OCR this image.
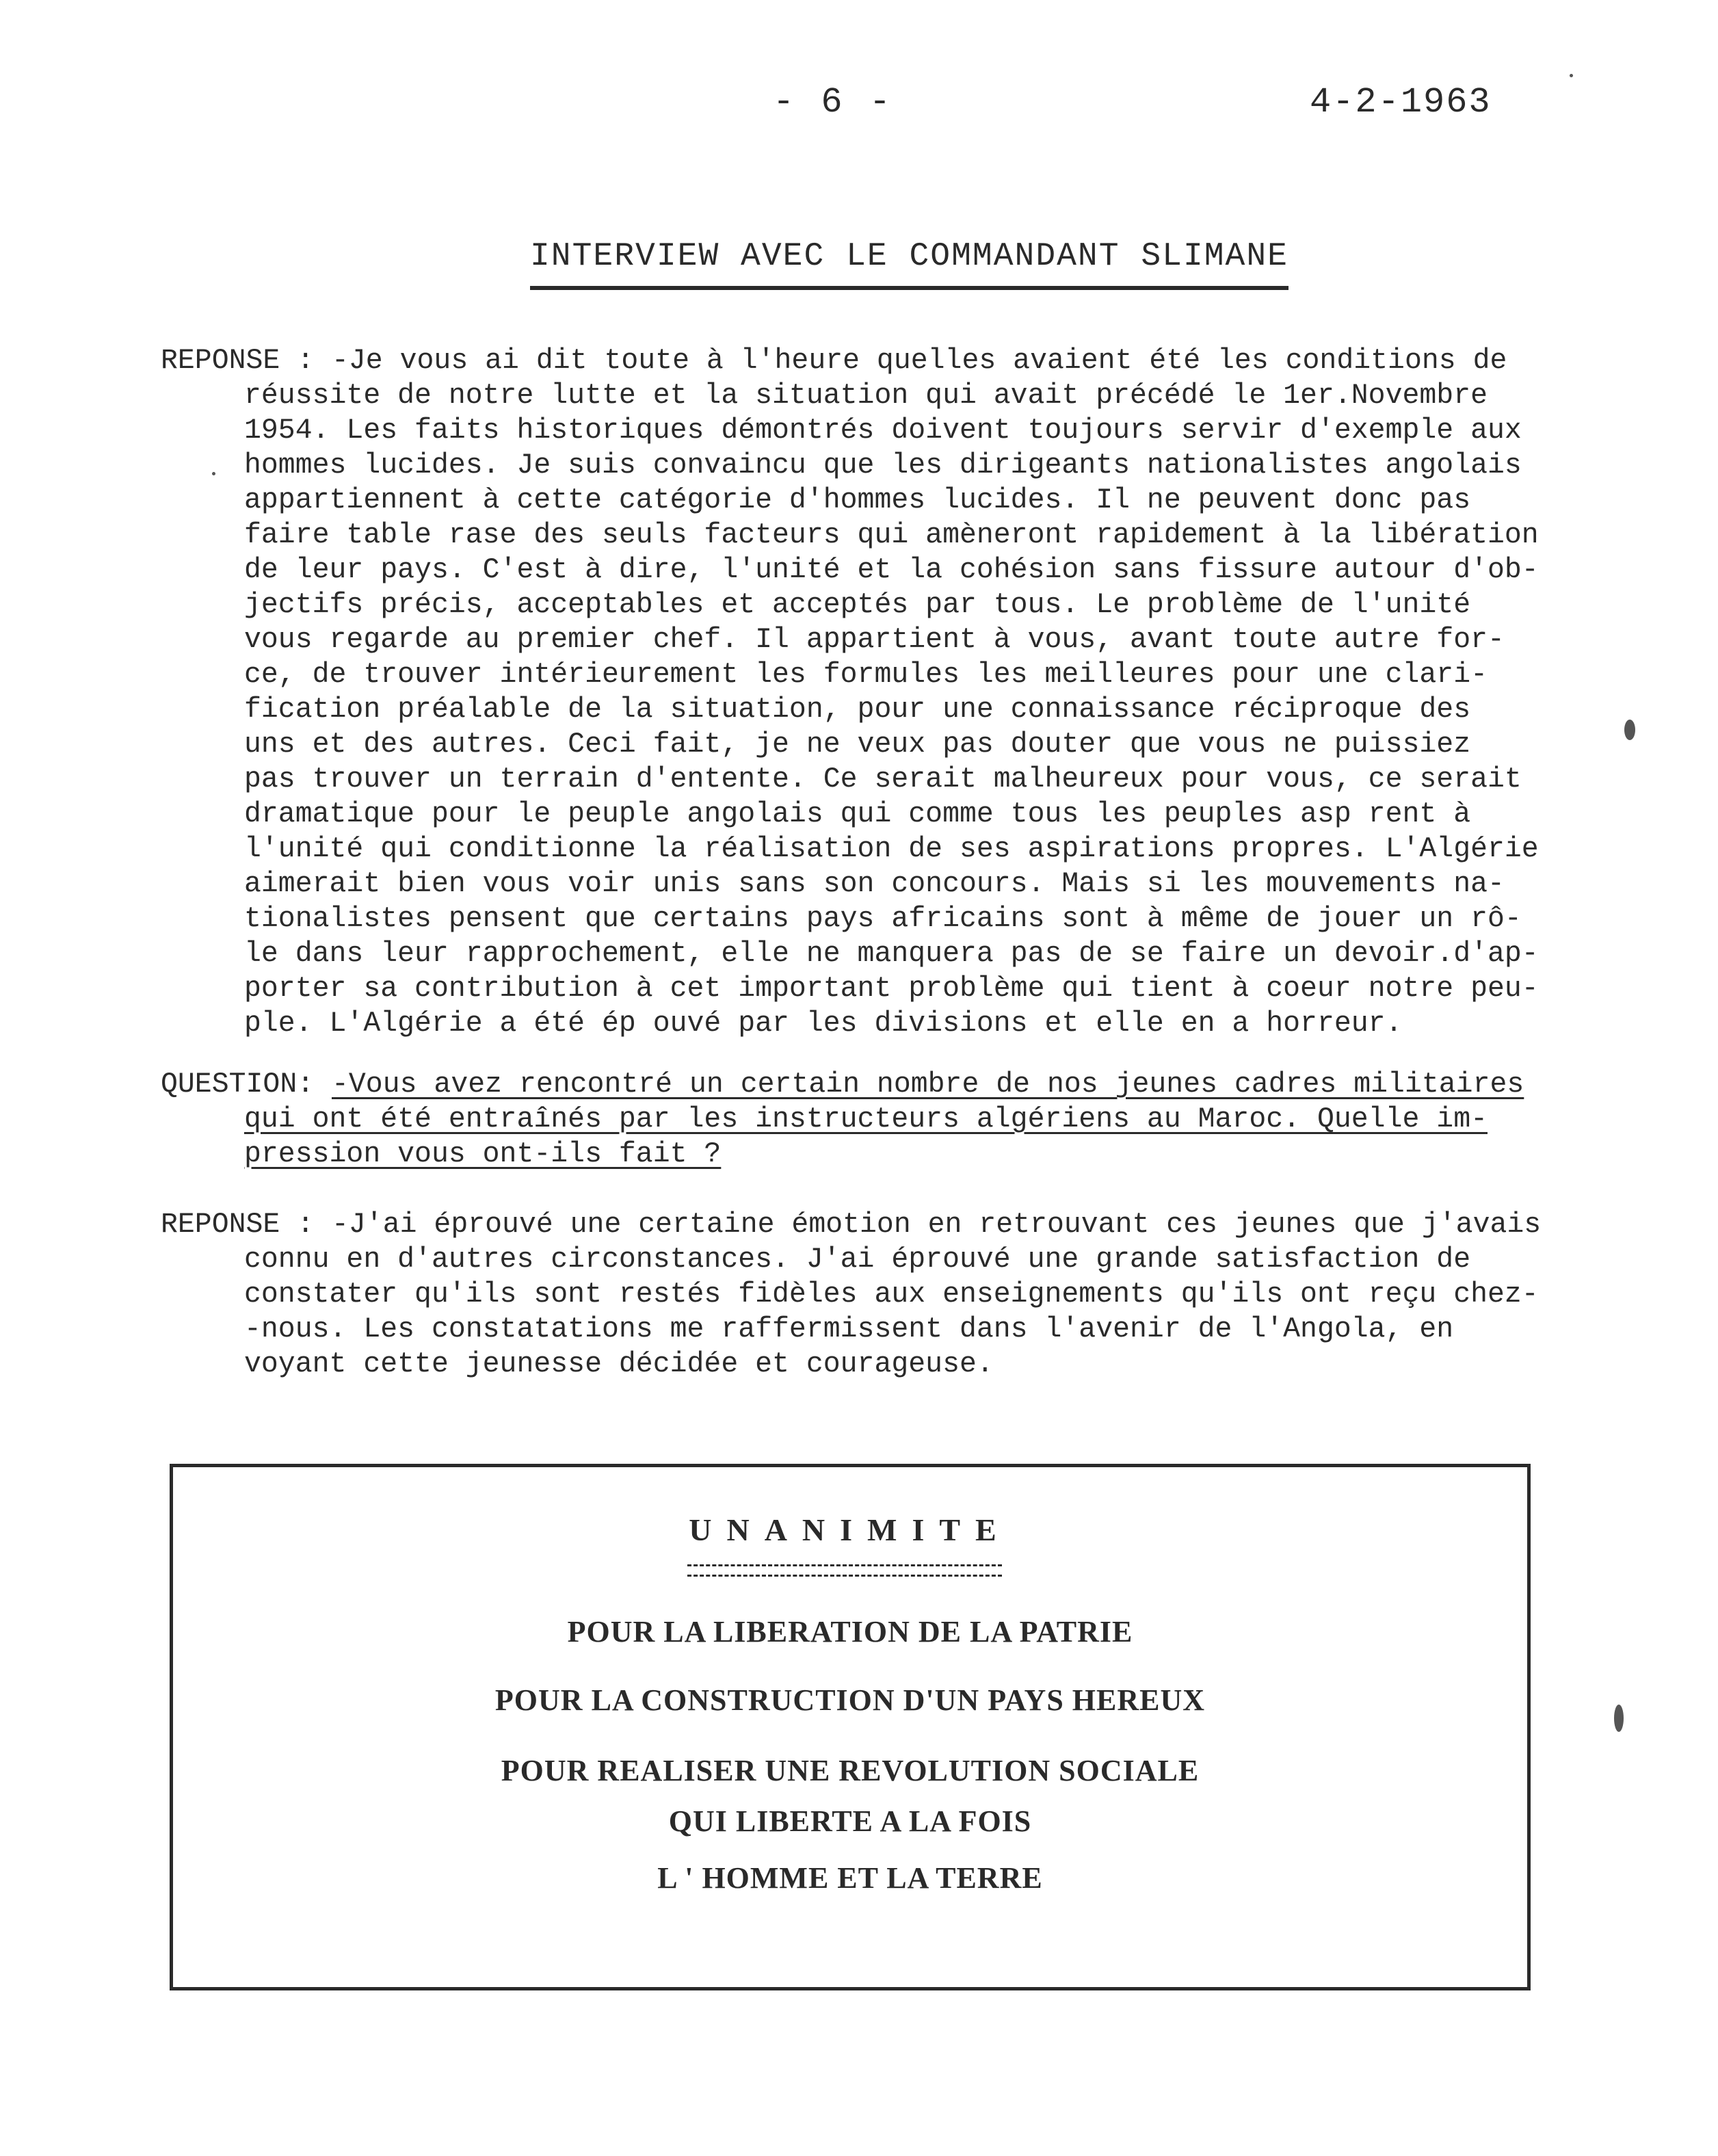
- 6 -	4-2-1963
INTERVIEW AVEC LE COMMANDANT SLIMANE
REPONSE : -Je vous ai dit toute à l'heure quelles avaient été les conditions de
réussite de notre lutte et la situation qui avait précédé le 1er.Novembre
1954. Les faits historiques démontrés doivent toujours servir d'exemple aux
hommes lucides. Je suis convaincu que les dirigeants nationalistes angolais
appartiennent à cette catégorie d'hommes lucides. Il ne peuvent donc pas
faire table rase des seuls facteurs qui amèneront rapidement à la libération
de leur pays. C'est à dire, l'unité et la cohésion sans fissure autour d'ob-
jectifs précis, acceptables et acceptés par tous. Le problème de l'unité
vous regarde au premier chef. Il appartient à vous, avant toute autre for-
ce, de trouver intérieurement les formules les meilleures pour une clari-
fication préalable de la situation, pour une connaissance réciproque des
uns et des autres. Ceci fait, je ne veux pas douter que vous ne puissiez
pas trouver un terrain d'entente. Ce serait malheureux pour vous, ce serait
dramatique pour le peuple angolais qui comme tous les peuples asp rent à
l'unité qui conditionne la réalisation de ses aspirations propres. L'Algérie
aimerait bien vous voir unis sans son concours. Mais si les mouvements na-
tionalistes pensent que certains pays africains sont à même de jouer un rô-
le dans leur rapprochement, elle ne manquera pas de se faire un devoir.d'ap-
porter sa contribution à cet important problème qui tient à coeur notre peu-
ple. L'Algérie a été ép ouvé par les divisions et elle en a horreur.
QUESTION: -Vous avez rencontré un certain nombre de nos jeunes cadres militaires
qui ont été entraînés par les instructeurs algériens au Maroc. Quelle im-
pression vous ont-ils fait ?
REPONSE : -J'ai éprouvé une certaine émotion en retrouvant ces jeunes que j'avais
connu en d'autres circonstances. J'ai éprouvé une grande satisfaction de
constater qu'ils sont restés fidèles aux enseignements qu'ils ont reçu chez-
-nous. Les constatations me raffermissent dans l'avenir de l'Angola, en
voyant cette jeunesse décidée et courageuse.
UNANIMITE
POUR LA LIBERATION DE LA PATRIE
POUR LA CONSTRUCTION D'UN PAYS HEREUX
POUR REALISER UNE REVOLUTION SOCIALE
QUI LIBERTE A LA FOIS
L ' HOMME ET LA TERRE
